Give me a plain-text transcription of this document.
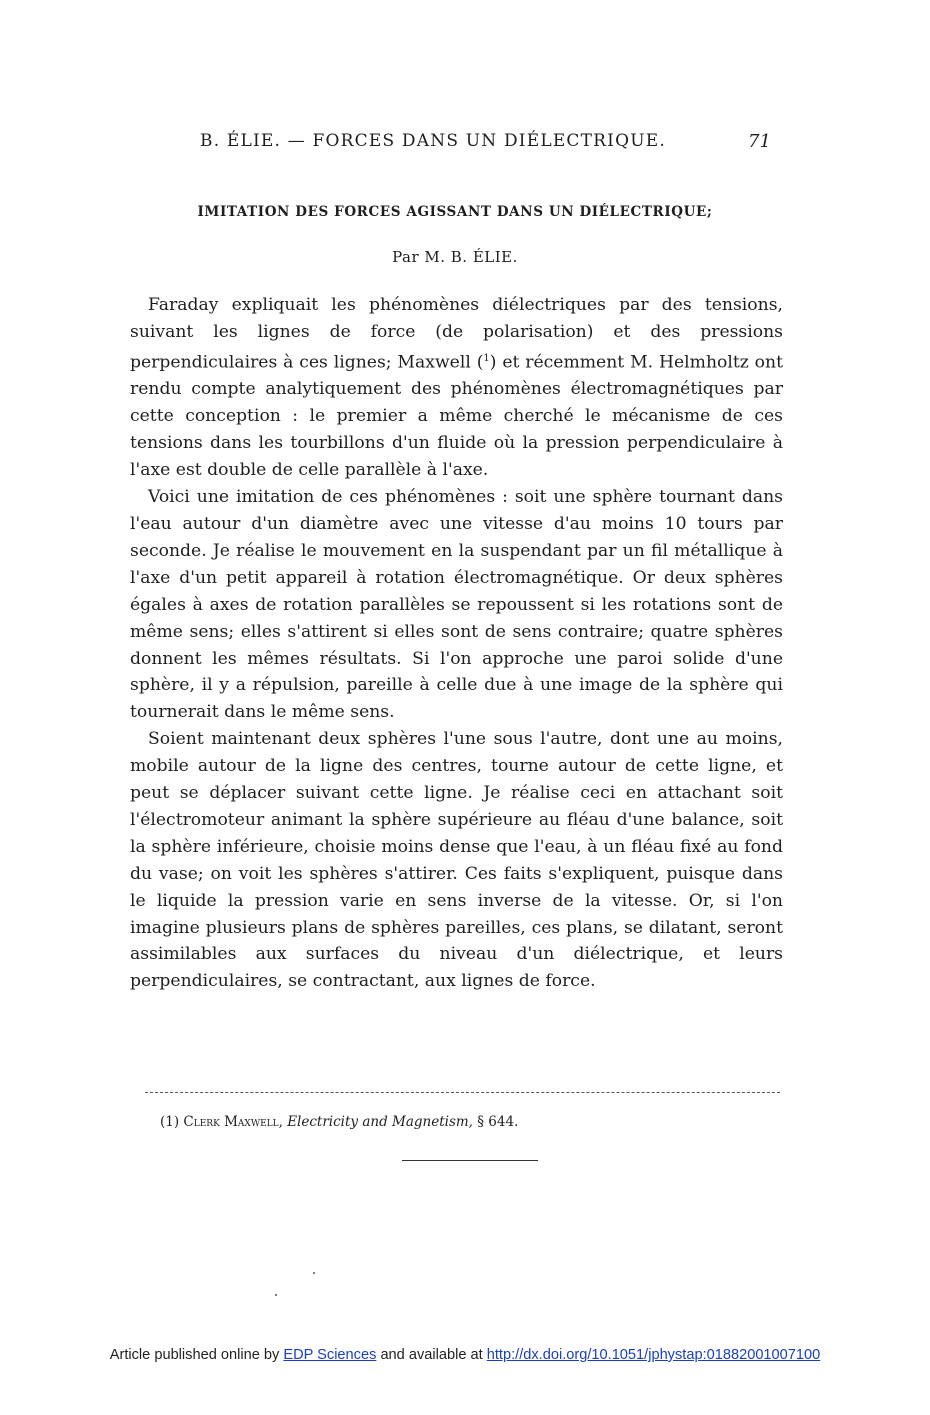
B. ÉLIE. — FORCES DANS UN DIÉLECTRIQUE.	71
IMITATION DES FORCES AGISSANT DANS UN DIÉLECTRIQUE;
Par M. B. ÉLIE.

Faraday expliquait les phénomènes diélectriques par des tensions, suivant les lignes de force (de polarisation) et des pressions perpendiculaires à ces lignes; Maxwell ($^1$) et récemment M. Helmholtz ont rendu compte analytiquement des phénomènes électromagnétiques par cette conception : le premier a même cherché le mécanisme de ces tensions dans les tourbillons d'un fluide où la pression perpendiculaire à l'axe est double de celle parallèle à l'axe.

Voici une imitation de ces phénomènes : soit une sphère tournant dans l'eau autour d'un diamètre avec une vitesse d'au moins 10 tours par seconde. Je réalise le mouvement en la suspendant par un fil métallique à l'axe d'un petit appareil à rotation électromagnétique. Or deux sphères égales à axes de rotation parallèles se repoussent si les rotations sont de même sens; elles s'attirent si elles sont de sens contraire; quatre sphères donnent les mêmes résultats. Si l'on approche une paroi solide d'une sphère, il y a répulsion, pareille à celle due à une image de la sphère qui tournerait dans le même sens.

Soient maintenant deux sphères l'une sous l'autre, dont une au moins, mobile autour de la ligne des centres, tourne autour de cette ligne, et peut se déplacer suivant cette ligne. Je réalise ceci en attachant soit l'électromoteur animant la sphère supérieure au fléau d'une balance, soit la sphère inférieure, choisie moins dense que l'eau, à un fléau fixé au fond du vase; on voit les sphères s'attirer. Ces faits s'expliquent, puisque dans le liquide la pression varie en sens inverse de la vitesse. Or, si l'on imagine plusieurs plans de sphères pareilles, ces plans, se dilatant, seront assimilables aux surfaces du niveau d'un diélectrique, et leurs perpendiculaires, se contractant, aux lignes de force.

(1) Clerk Maxwell, Electricity and Magnetism, § 644.
Article published online by EDP Sciences and available at http://dx.doi.org/10.1051/jphystap:01882001007100
